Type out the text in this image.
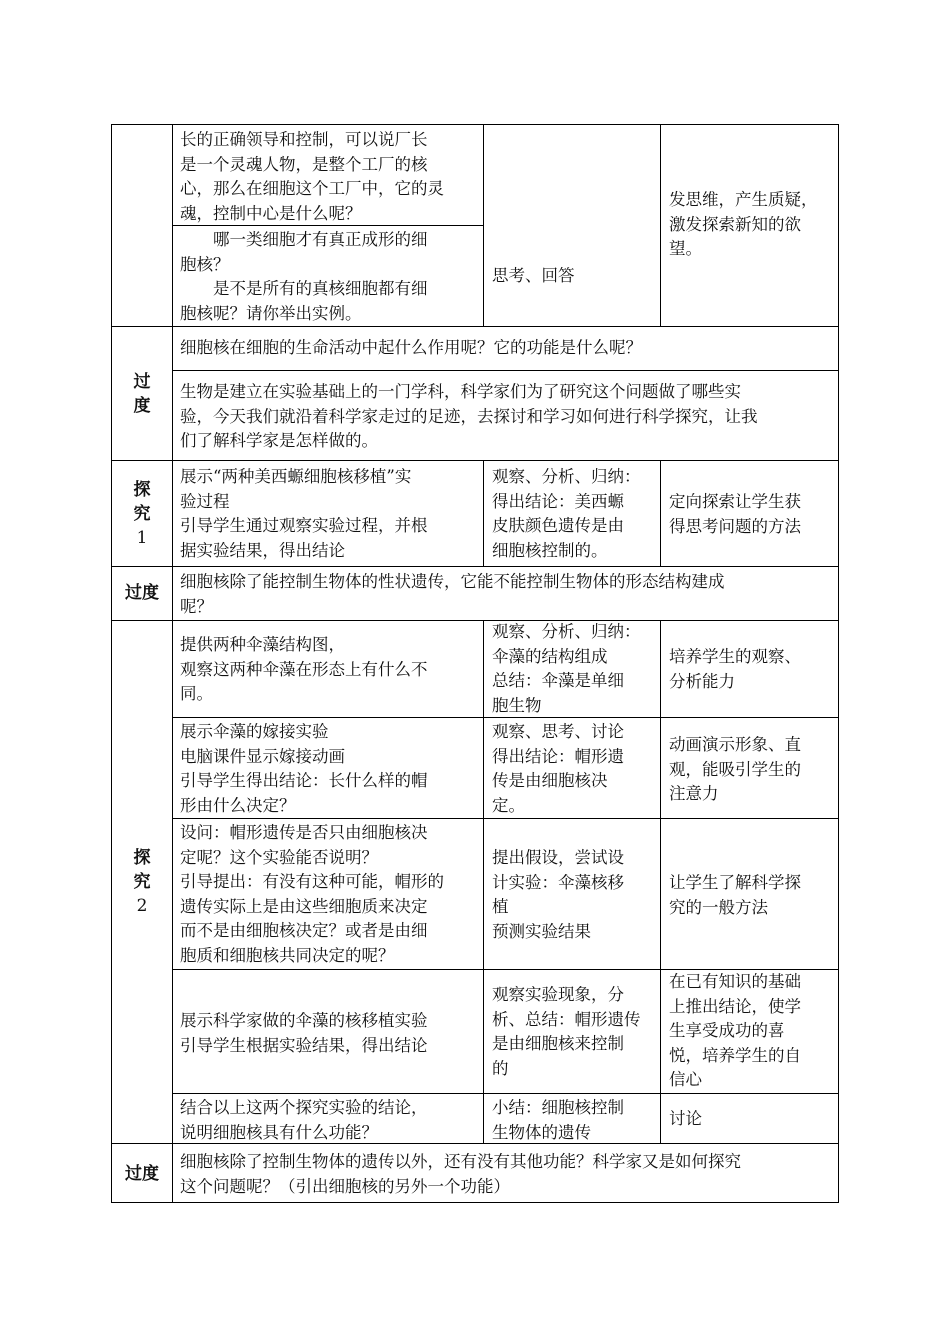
长的正确领导和控制，可以说厂长

是一个灵魂人物，是整个工厂的核

心，那么在细胞这个工厂中，它的灵

魂，控制中心是什么呢？

哪一类细胞才有真正成形的细

胞核？

是不是所有的真核细胞都有细

胞核呢？请你举出实例。

思考、回答

发思维，产生质疑，

激发探索新知的欲

望。

过
度

细胞核在细胞的生命活动中起什么作用呢？它的功能是什么呢？

生物是建立在实验基础上的一门学科，科学家们为了研究这个问题做了哪些实

验，今天我们就沿着科学家走过的足迹，去探讨和学习如何进行科学探究，让我

们了解科学家是怎样做的。

探
究
1

展示“两种美西螈细胞核移植”实

验过程

引导学生通过观察实验过程，并根

据实验结果，得出结论

观察、分析、归纳：

得出结论：美西螈

皮肤颜色遗传是由

细胞核控制的。

定向探索让学生获

得思考问题的方法

过度

细胞核除了能控制生物体的性状遗传，它能不能控制生物体的形态结构建成

呢？

探
究
2

提供两种伞藻结构图，

观察这两种伞藻在形态上有什么不

同。

观察、分析、归纳：

伞藻的结构组成

总结：伞藻是单细

胞生物

培养学生的观察、

分析能力

展示伞藻的嫁接实验

电脑课件显示嫁接动画

引导学生得出结论：长什么样的帽

形由什么决定？

观察、思考、讨论

得出结论：帽形遗

传是由细胞核决

定。

动画演示形象、直

观，能吸引学生的

注意力

设问：帽形遗传是否只由细胞核决

定呢？这个实验能否说明？

引导提出：有没有这种可能，帽形的

遗传实际上是由这些细胞质来决定

而不是由细胞核决定？或者是由细

胞质和细胞核共同决定的呢？

提出假设，尝试设

计实验：伞藻核移

植

预测实验结果

让学生了解科学探

究的一般方法

展示科学家做的伞藻的核移植实验

引导学生根据实验结果，得出结论

观察实验现象，分

析、总结：帽形遗传

是由细胞核来控制

的

在已有知识的基础

上推出结论，使学

生享受成功的喜

悦，培养学生的自

信心

结合以上这两个探究实验的结论，

说明细胞核具有什么功能？

小结：细胞核控制

生物体的遗传

讨论

过度

细胞核除了控制生物体的遗传以外，还有没有其他功能？科学家又是如何探究

这个问题呢？（引出细胞核的另外一个功能）
